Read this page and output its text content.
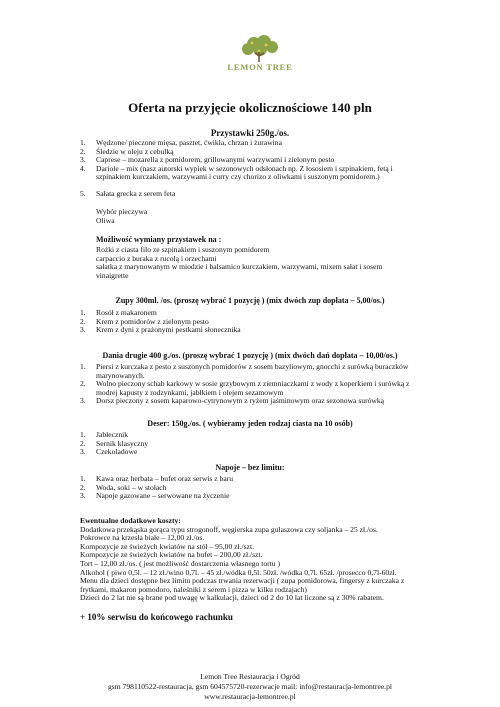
LEMON TREE
Oferta na przyjęcie okolicznościowe 140 pln
Przystawki 250g./os.
1. Wędzone/ pieczone mięsa, pasztet, ćwikła, chrzan i żurawina
2. Śledzie w oleju z cebulką
3. Caprese – mozarella z pomidorem, grillowanymi warzywami i zielonym pesto
4. Dariole – mix (nasz autorski wypiek w sezonowych odsłonach np. Z łososiem i szpinakiem, fetą i szpinakiem kurczakiem, warzywami i curry czy chorizo z oliwkami i suszonym pomidorem.)
5. Sałata grecka z serem feta
Wybór pieczywa
Oliwa
Możliwość wymiany przystawek na :
Rożki z ciasta filo ze szpinakiem i suszonym pomidorem
carpaccio z buraka z rucolą i orzechami
sałatka z marynowanym w miodzie i balsamico kurczakiem, warzywami, mixem sałat i sosem vinaigrette
Zupy 300ml. /os. (proszę wybrać 1 pozycję ) (mix dwóch zup dopłata – 5,00/os.)
1. Rosół z makaronem
2. Krem z pomidorów z zielonym pesto
3. Krem z dyni z prażonymi pestkami słonecznika
Dania drugie 400 g./os. (proszę wybrać 1 pozycję ) (mix dwóch dań dopłata – 10,00/os.)
1. Piersi z kurczaka z pesto z suszonych pomidorów z sosem bazyliowym, gnocchi z surówką buraczków marynowanych.
2. Wolno pieczony schab karkowy w sosie grzybowym z ziemniaczkami z wody z koperkiem i surówką z modrej kapusty z rodzynkami, jabłkiem i olejem sezamowym
3. Dorsz pieczony z sosem kaparowo-cytrynowym z ryżem jaśminowym oraz sezonowa surówką
Deser: 150g./os. ( wybieramy jeden rodzaj ciasta na 10 osób)
1. Jabłecznik
2. Sernik klasyczny
3. Czekoladowe
Napoje – bez limitu:
1. Kawa oraz herbata – bufet oraz serwis z baru
2. Woda, soki – w stołach
3. Napoje gazowane – serwowane na życzenie
Ewentualne dodatkowe koszty:
Dodatkowa przekąska gorąca typu strogonoff, węgierska zupa gulaszowa czy soljanka – 25 zł./os.
Pokrowce na krzesła białe – 12,00 zł./os.
Kompozycje ze świeżych kwiatów na stół – 95,00 zł./szt.
Kompozycje ze świeżych kwiatów na bufet – 200,00 zł./szt.
Tort – 12,00 zł./os. ( jest możliwość dostarczenia własnego tortu )
Alkohol ( piwo 0,5l. – 12 zł./wino 0,7l. – 45 zł./wódka 0,5l. 50zł. /wódka 0,7l. 65zł. /prosecco 0,7l-60zł.
Menu dla dzieci dostępne bez limitu podczas trwania rezerwacji ( zupa pomidorowa, fingersy z kurczaka z frytkami, makaron pomodoro, naleśniki z serem i pizza w kilku rodzajach)
Dzieci do 2 lat nie są brane pod uwagę w kalkulacji, dzieci od 2 do 10 lat liczone są z 30% rabatem.
+ 10% serwisu do końcowego rachunku
Lemon Tree Restauracja i Ogród
gsm 798110522-restauracja, gsm 604575720-rezerwacje mail: info@restauracja-lemontree.pl
www.restauracja-lemontree.pl
